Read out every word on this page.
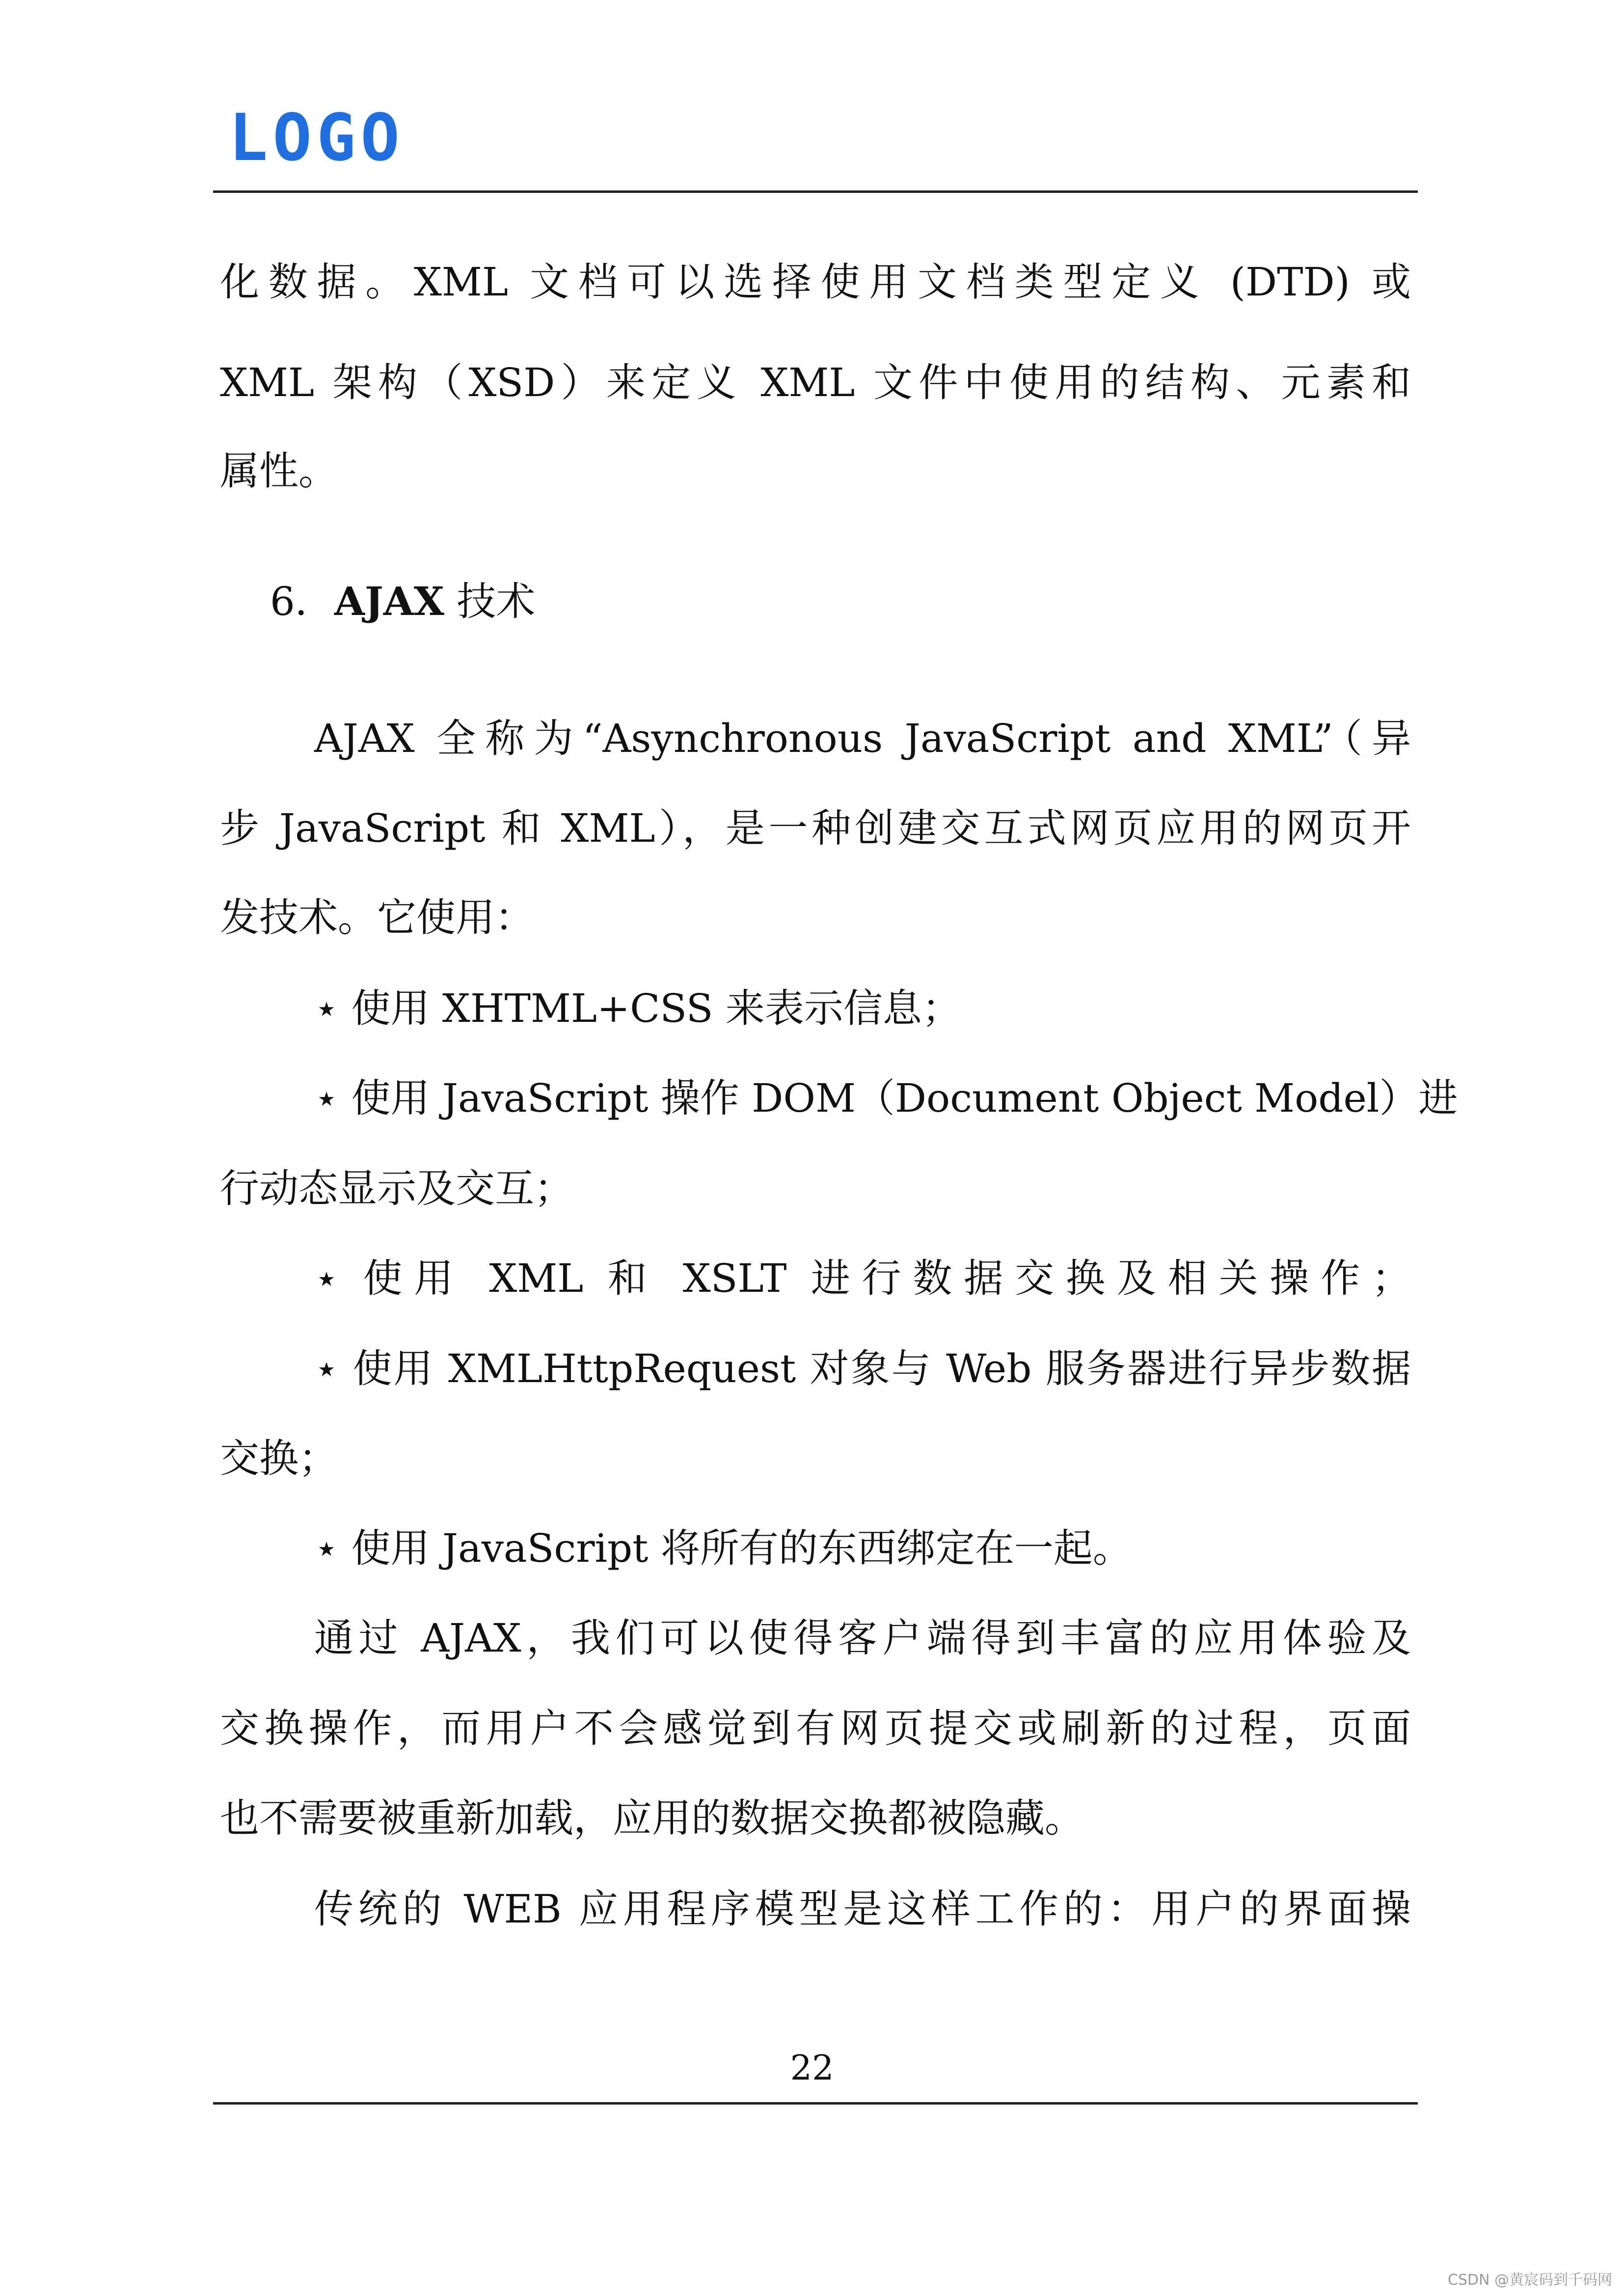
LOGO
化数据。XML 文档可以选择使用文档类型定义 (DTD) 或
XML 架构（XSD）来定义 XML 文件中使用的结构、元素和
属性。
6．AJAX 技术
AJAX 全称为“Asynchronous JavaScript and XML”（异
步 JavaScript 和 XML），是一种创建交互式网页应用的网页开
发技术。它使用：
⋆ 使用 XHTML+CSS 来表示信息；
⋆ 使用 JavaScript 操作 DOM（Document Object Model）进
行动态显示及交互；
⋆ 使用 XML 和 XSLT 进行数据交换及相关操作；
⋆ 使用 XMLHttpRequest 对象与 Web 服务器进行异步数据
交换；
⋆ 使用 JavaScript 将所有的东西绑定在一起。
通过 AJAX，我们可以使得客户端得到丰富的应用体验及
交换操作，而用户不会感觉到有网页提交或刷新的过程，页面
也不需要被重新加载，应用的数据交换都被隐藏。
传统的 WEB 应用程序模型是这样工作的：用户的界面操
22
CSDN @黄宸码到千码网
